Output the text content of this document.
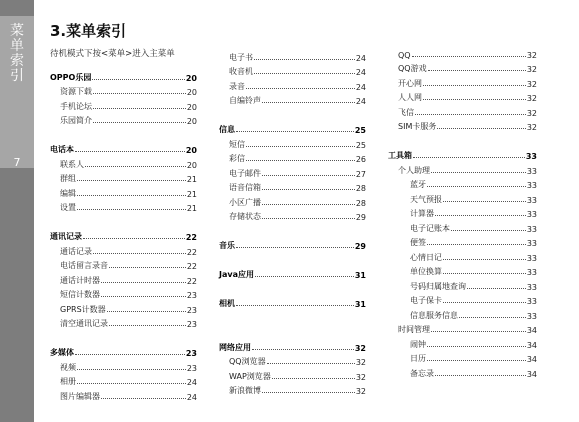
菜
单
索
引
7
3.菜单索引
待机模式下按<菜单>进入主菜单
OPPO乐园	20
资源下载	20
手机论坛	20
乐园简介	20
电话本	20
联系人	20
群组	21
编辑	21
设置	21
通讯记录	22
通话记录	22
电话留言录音	22
通话计时器	22
短信计数器	23
GPRS计数器	23
清空通讯记录	23
多媒体	23
视频	23
相册	24
图片编辑器	24
电子书	24
收音机	24
录音	24
自编铃声	24
信息	25
短信	25
彩信	26
电子邮件	27
语音信箱	28
小区广播	28
存储状态	29
音乐	29
Java应用	31
相机	31
网络应用	32
QQ浏览器	32
WAP浏览器	32
新浪微博	32
QQ	32
QQ游戏	32
开心网	32
人人网	32
飞信	32
SIM卡服务	32
工具箱	33
个人助理	33
蓝牙	33
天气预报	33
计算器	33
电子记账本	33
便签	33
心情日记	33
单位换算	33
号码归属地查询	33
电子保卡	33
信息服务信息	33
时间管理	34
闹钟	34
日历	34
备忘录	34
